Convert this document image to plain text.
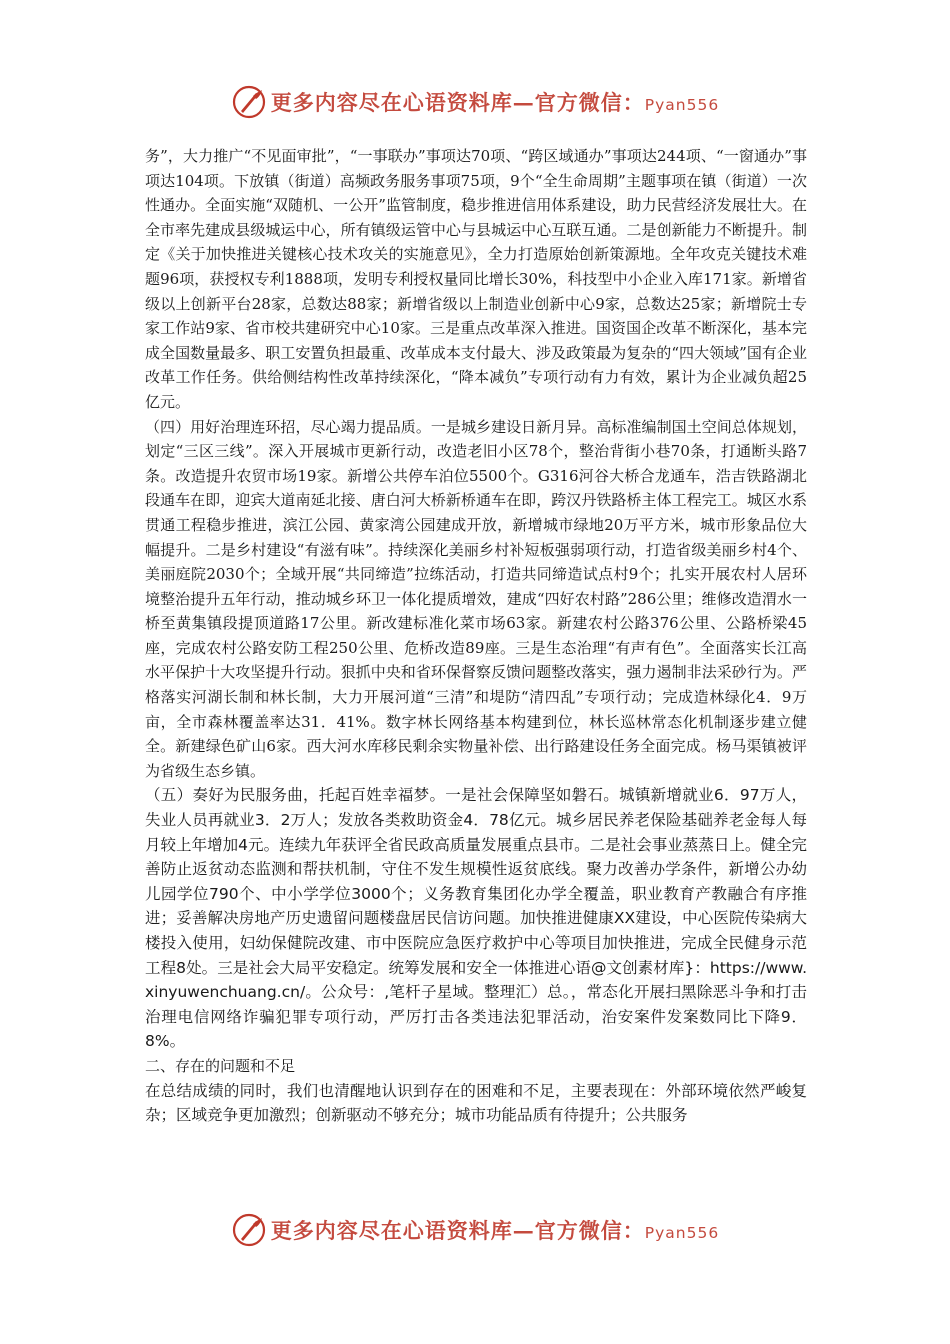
更多内容尽在心语资料库—官方微信：Pyan556

务”，大力推广“不见面审批”，“一事联办”事项达70项、“跨区域通办”事项达244项、“一窗通办”事项达104项。下放镇（街道）高频政务服务事项75项，9个“全生命周期”主题事项在镇（街道）一次性通办。全面实施“双随机、一公开”监管制度，稳步推进信用体系建设，助力民营经济发展壮大。在全市率先建成县级城运中心，所有镇级运管中心与县城运中心互联互通。二是创新能力不断提升。制定《关于加快推进关键核心技术攻关的实施意见》，全力打造原始创新策源地。全年攻克关键技术难题96项，获授权专利1888项，发明专利授权量同比增长30%，科技型中小企业入库171家。新增省级以上创新平台28家，总数达88家；新增省级以上制造业创新中心9家，总数达25家；新增院士专家工作站9家、省市校共建研究中心10家。三是重点改革深入推进。国资国企改革不断深化，基本完成全国数量最多、职工安置负担最重、改革成本支付最大、涉及政策最为复杂的“四大领域”国有企业改革工作任务。供给侧结构性改革持续深化，“降本减负”专项行动有力有效，累计为企业减负超25亿元。

（四）用好治理连环招，尽心竭力提品质。一是城乡建设日新月异。高标准编制国土空间总体规划，划定“三区三线”。深入开展城市更新行动，改造老旧小区78个，整治背街小巷70条，打通断头路7条。改造提升农贸市场19家。新增公共停车泊位5500个。G316河谷大桥合龙通车，浩吉铁路湖北段通车在即，迎宾大道南延北接、唐白河大桥新桥通车在即，跨汉丹铁路桥主体工程完工。城区水系贯通工程稳步推进，滨江公园、黄家湾公园建成开放，新增城市绿地20万平方米，城市形象品位大幅提升。二是乡村建设“有滋有味”。持续深化美丽乡村补短板强弱项行动，打造省级美丽乡村4个、美丽庭院2030个；全域开展“共同缔造”拉练活动，打造共同缔造试点村9个；扎实开展农村人居环境整治提升五年行动，推动城乡环卫一体化提质增效，建成“四好农村路”286公里；维修改造渭水一桥至黄集镇段提顶道路17公里。新改建标准化菜市场63家。新建农村公路376公里、公路桥梁45座，完成农村公路安防工程250公里、危桥改造89座。三是生态治理“有声有色”。全面落实长江高水平保护十大攻坚提升行动。狠抓中央和省环保督察反馈问题整改落实，强力遏制非法采砂行为。严格落实河湖长制和林长制，大力开展河道“三清”和堤防“清四乱”专项行动；完成造林绿化4．9万亩，全市森林覆盖率达31．41%。数字林长网络基本构建到位，林长巡林常态化机制逐步建立健全。新建绿色矿山6家。西大河水库移民剩余实物量补偿、出行路建设任务全面完成。杨马渠镇被评为省级生态乡镇。

（五）奏好为民服务曲，托起百姓幸福梦。一是社会保障坚如磐石。城镇新增就业6．97万人，失业人员再就业3．2万人；发放各类救助资金4．78亿元。城乡居民养老保险基础养老金每人每月较上年增加4元。连续九年获评全省民政高质量发展重点县市。二是社会事业蒸蒸日上。健全完善防止返贫动态监测和帮扶机制，守住不发生规模性返贫底线。聚力改善办学条件，新增公办幼儿园学位790个、中小学学位3000个；义务教育集团化办学全覆盖，职业教育产教融合有序推进；妥善解决房地产历史遗留问题楼盘居民信访问题。加快推进健康XX建设，中心医院传染病大楼投入使用，妇幼保健院改建、市中医院应急医疗救护中心等项目加快推进，完成全民健身示范工程8处。三是社会大局平安稳定。统筹发展和安全一体推进心语@文创素材库}：https://www.xinyuwenchuang.cn/。公众号：,笔杆子星域。整理汇）总。，常态化开展扫黑除恶斗争和打击治理电信网络诈骗犯罪专项行动，严厉打击各类违法犯罪活动，治安案件发案数同比下降9．8%。

二、存在的问题和不足

在总结成绩的同时，我们也清醒地认识到存在的困难和不足，主要表现在：外部环境依然严峻复杂；区域竞争更加激烈；创新驱动不够充分；城市功能品质有待提升；公共服务

更多内容尽在心语资料库—官方微信：Pyan556
